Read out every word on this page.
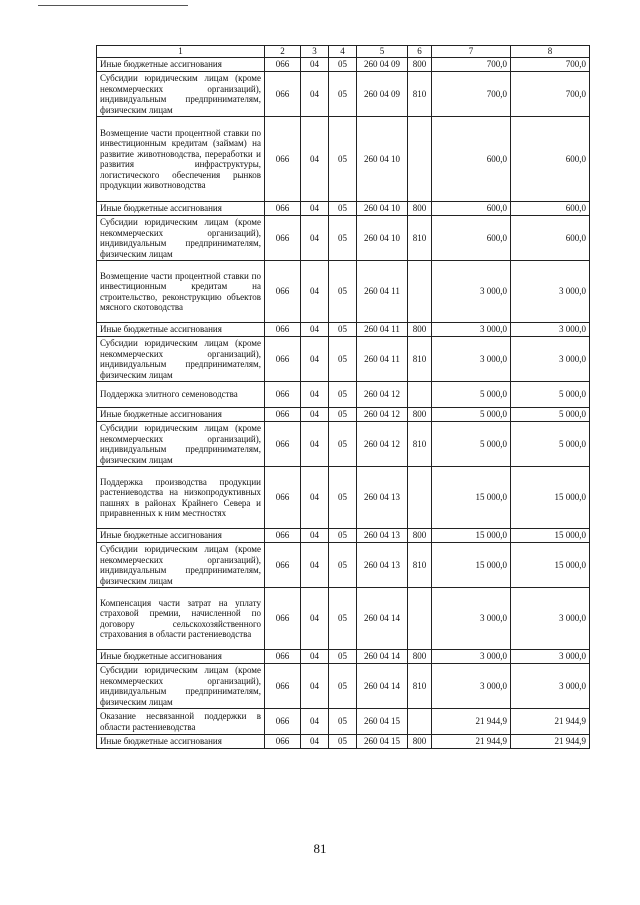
1	2	3	4	5	6	7	8
Иные бюджетные ассигнования	066	04	05	260 04 09	800	700,0	700,0
Субсидии юридическим лицам (кроме некоммерческих организаций), индивидуальным предпринимателям, физическим лицам	066	04	05	260 04 09	810	700,0	700,0
Возмещение части процентной ставки по инвестиционным кредитам (займам) на развитие животноводства, переработки и развития инфраструктуры, логистического обеспечения рынков продукции животноводства	066	04	05	260 04 10		600,0	600,0
Иные бюджетные ассигнования	066	04	05	260 04 10	800	600,0	600,0
Субсидии юридическим лицам (кроме некоммерческих организаций), индивидуальным предпринимателям, физическим лицам	066	04	05	260 04 10	810	600,0	600,0
Возмещение части процентной ставки по инвестиционным кредитам на строительство, реконструкцию объектов мясного скотоводства	066	04	05	260 04 11		3 000,0	3 000,0
Иные бюджетные ассигнования	066	04	05	260 04 11	800	3 000,0	3 000,0
Субсидии юридическим лицам (кроме некоммерческих организаций), индивидуальным предпринимателям, физическим лицам	066	04	05	260 04 11	810	3 000,0	3 000,0
Поддержка элитного семеноводства	066	04	05	260 04 12		5 000,0	5 000,0
Иные бюджетные ассигнования	066	04	05	260 04 12	800	5 000,0	5 000,0
Субсидии юридическим лицам (кроме некоммерческих организаций), индивидуальным предпринимателям, физическим лицам	066	04	05	260 04 12	810	5 000,0	5 000,0
Поддержка производства продукции растениеводства на низкопродуктивных пашнях в районах Крайнего Севера и приравненных к ним местностях	066	04	05	260 04 13		15 000,0	15 000,0
Иные бюджетные ассигнования	066	04	05	260 04 13	800	15 000,0	15 000,0
Субсидии юридическим лицам (кроме некоммерческих организаций), индивидуальным предпринимателям, физическим лицам	066	04	05	260 04 13	810	15 000,0	15 000,0
Компенсация части затрат на уплату страховой премии, начисленной по договору сельскохозяйственного страхования в области растениеводства	066	04	05	260 04 14		3 000,0	3 000,0
Иные бюджетные ассигнования	066	04	05	260 04 14	800	3 000,0	3 000,0
Субсидии юридическим лицам (кроме некоммерческих организаций), индивидуальным предпринимателям, физическим лицам	066	04	05	260 04 14	810	3 000,0	3 000,0
Оказание несвязанной поддержки в области растениеводства	066	04	05	260 04 15		21 944,9	21 944,9
Иные бюджетные ассигнования	066	04	05	260 04 15	800	21 944,9	21 944,9
81
